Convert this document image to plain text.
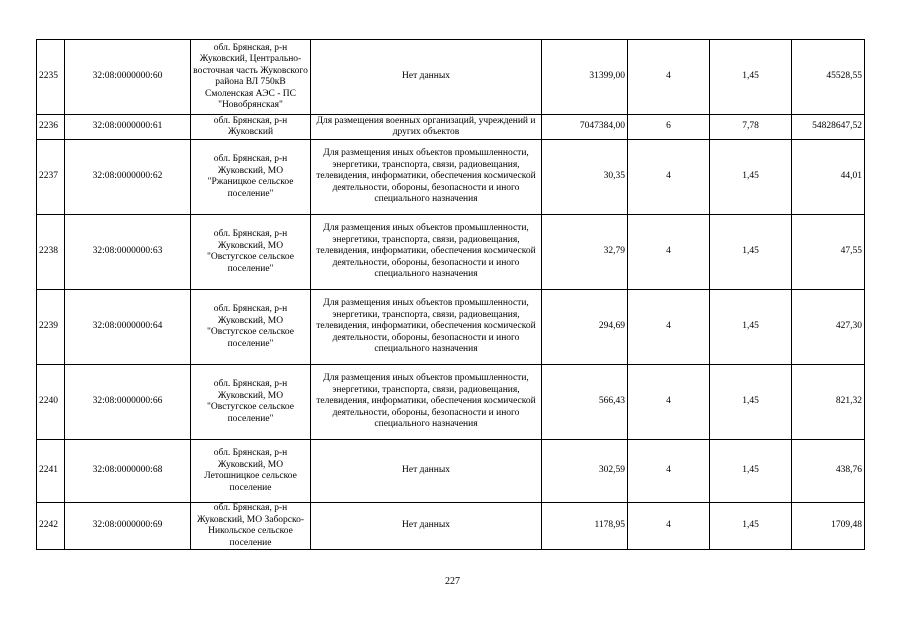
2235	32:08:0000000:60	обл. Брянская, р-н Жуковский, Центрально-восточная часть Жуковского района ВЛ 750кВ Смоленская АЭС - ПС "Новобрянская"	Нет данных	31399,00	4	1,45	45528,55
2236	32:08:0000000:61	обл. Брянская, р-н Жуковский	Для размещения военных организаций, учреждений и других объектов	7047384,00	6	7,78	54828647,52
2237	32:08:0000000:62	обл. Брянская, р-н Жуковский, МО "Ржаницкое сельское поселение"	Для размещения иных объектов промышленности, энергетики, транспорта, связи, радиовещания, телевидения, информатики, обеспечения космической деятельности, обороны, безопасности и иного специального назначения	30,35	4	1,45	44,01
2238	32:08:0000000:63	обл. Брянская, р-н Жуковский, МО "Овстугское сельское поселение"	Для размещения иных объектов промышленности, энергетики, транспорта, связи, радиовещания, телевидения, информатики, обеспечения космической деятельности, обороны, безопасности и иного специального назначения	32,79	4	1,45	47,55
2239	32:08:0000000:64	обл. Брянская, р-н Жуковский, МО "Овстугское сельское поселение"	Для размещения иных объектов промышленности, энергетики, транспорта, связи, радиовещания, телевидения, информатики, обеспечения космической деятельности, обороны, безопасности и иного специального назначения	294,69	4	1,45	427,30
2240	32:08:0000000:66	обл. Брянская, р-н Жуковский, МО "Овстугское сельское поселение"	Для размещения иных объектов промышленности, энергетики, транспорта, связи, радиовещания, телевидения, информатики, обеспечения космической деятельности, обороны, безопасности и иного специального назначения	566,43	4	1,45	821,32
2241	32:08:0000000:68	обл. Брянская, р-н Жуковский, МО Летошницкое сельское поселение	Нет данных	302,59	4	1,45	438,76
2242	32:08:0000000:69	обл. Брянская, р-н Жуковский, МО Заборско-Никольское сельское поселение	Нет данных	1178,95	4	1,45	1709,48
227
